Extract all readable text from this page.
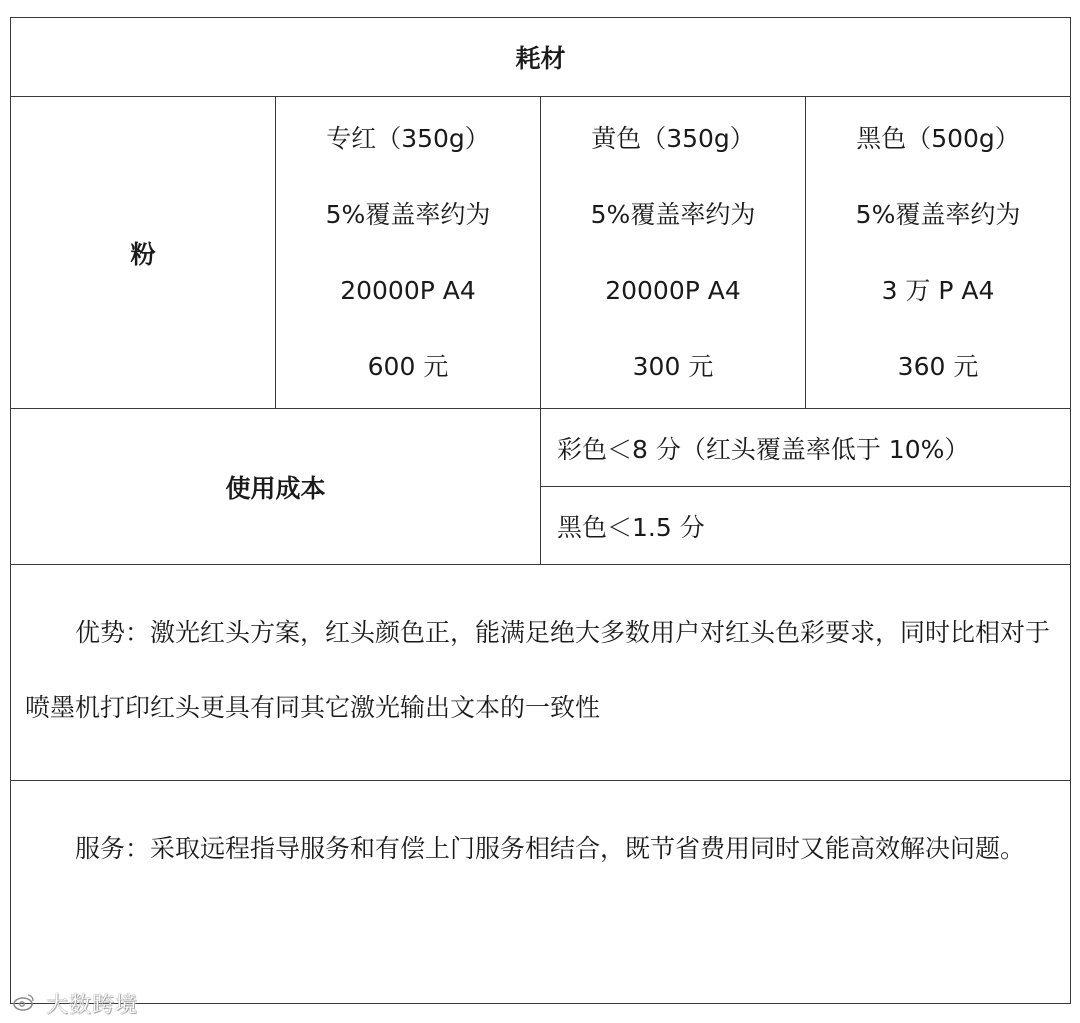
耗材			
粉	专红（350g）
5%覆盖率约为
20000P A4
600 元	黄色（350g）
5%覆盖率约为
20000P A4
300 元	黑色（500g）
5%覆盖率约为
3 万 P A4
360 元

使用成本		彩色＜8 分（红头覆盖率低于 10%）	
		黑色＜1.5 分	

优势：激光红头方案，红头颜色正，能满足绝大多数用户对红头色彩要求，同时比相对于喷墨机打印红头更具有同其它激光输出文本的一致性			

服务：采取远程指导服务和有偿上门服务相结合，既节省费用同时又能高效解决问题。			
大数跨境
